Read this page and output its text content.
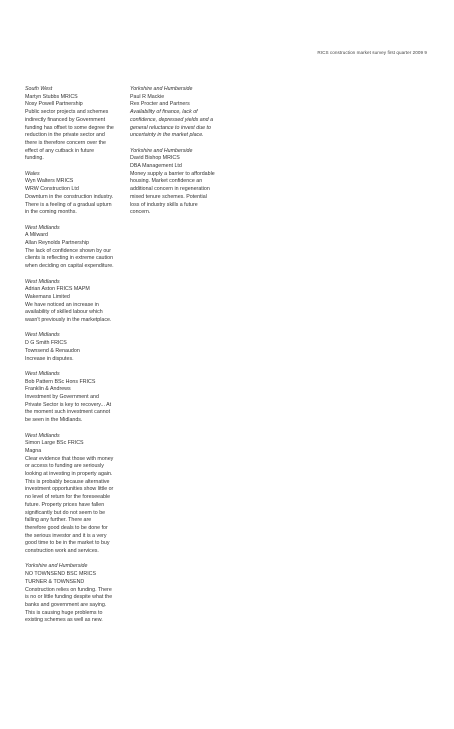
RICS construction market survey first quarter 2009 9
South West
Martyn Stubbs MRICS
Nosy Powell Partnership
Public sector projects and schemes
indirectly financed by Government
funding has offset to some degree the
reduction in the private sector and
there is therefore concern over the
effect of any cutback in future
funding.
Wales
Wyn Walters MRICS
WRW Construction Ltd
Downturn in the construction industry.
There is a feeling of a gradual upturn
in the coming months.
West Midlands
A Milward
Allan Reynolds Partnership
The lack of confidence shown by our
clients is reflecting in extreme caution
when deciding on capital expenditure.
West Midlands
Adrian Aston FRICS MAPM
Wakemans Limited
We have noticed an increase in
availability of skilled labour which
wasn't previously in the marketplace.
West Midlands
D G Smith FRICS
Townsend & Renaudon
Increase in disputes.
West Midlands
Bob Pattern BSc Hons FRICS
Franklin & Andrews
Investment by Government and
Private Sector is key to recovery... At
the moment such investment cannot
be seen in the Midlands.
West Midlands
Simon Large BSc FRICS
Magna
Clear evidence that those with money
or access to funding are seriously
looking at investing in property again.
This is probably because alternative
investment opportunities show little or
no level of return for the foreseeable
future. Property prices have fallen
significantly but do not seem to be
falling any further. There are
therefore good deals to be done for
the serious investor and it is a very
good time to be in the market to buy
construction work and services.
Yorkshire and Humberside
NO TOWNSEND BSC MRICS
TURNER & TOWNSEND
Construction relies on funding. There
is no or little funding despite what the
banks and government are saying.
This is causing huge problems to
existing schemes as well as new.
Yorkshire and Humberside
Paul R Mackie
Rex Procter and Partners
Availability of finance, lack of
confidence, depressed yields and a
general reluctance to invest due to
uncertainty in the market place.
Yorkshire and Humberside
David Bishop MRICS
DBA Management Ltd
Money supply a barrier to affordable
housing. Market confidence an
additional concern in regeneration
mixed tenure schemes. Potential
loss of industry skills a future
concern.
